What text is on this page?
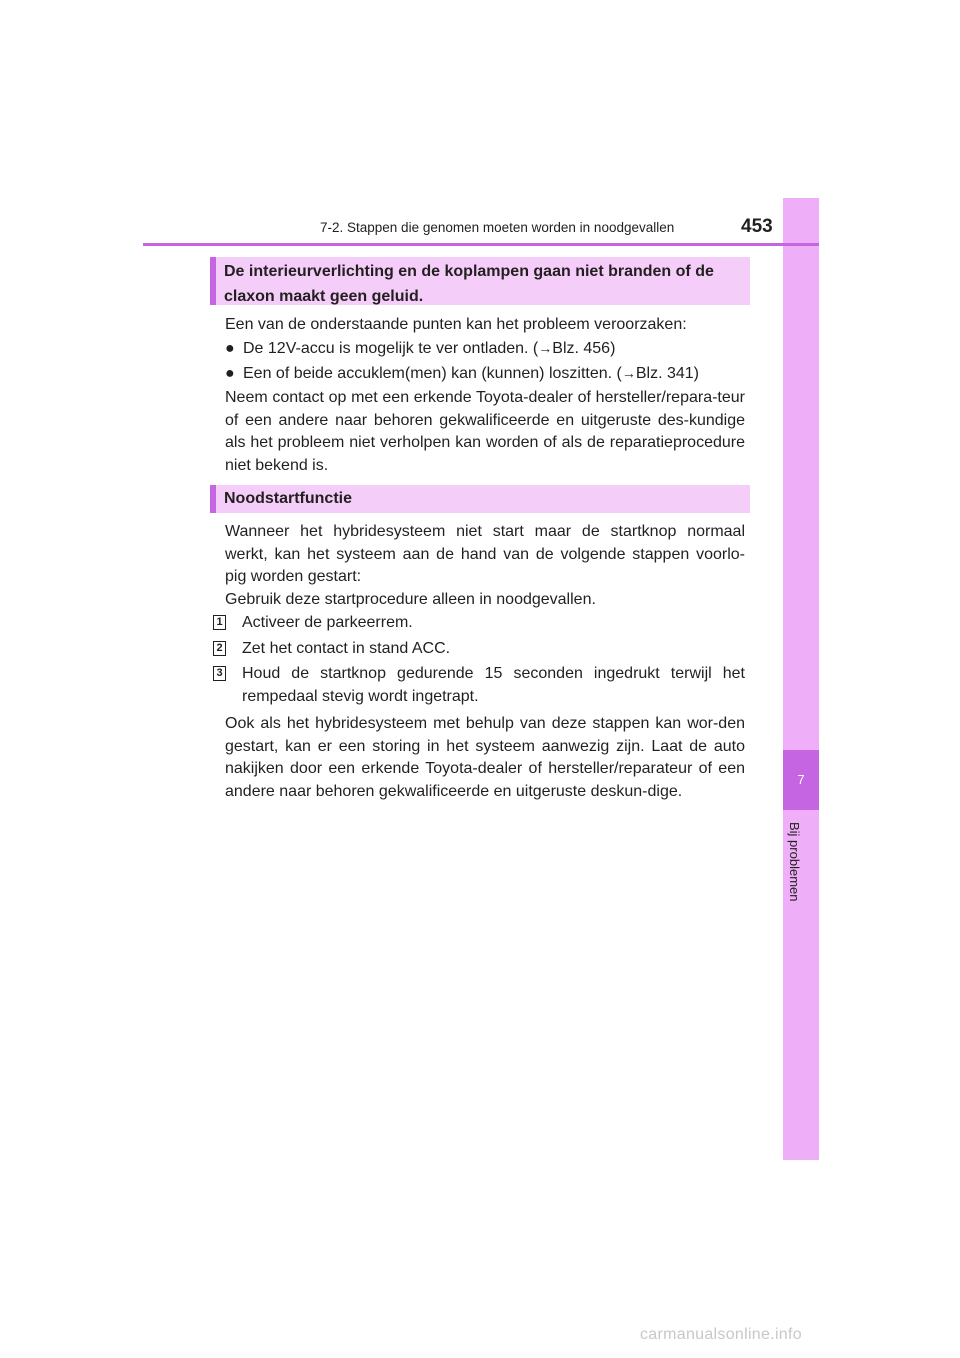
7
Bij problemen
7-2. Stappen die genomen moeten worden in noodgevallen	453
De interieurverlichting en de koplampen gaan niet branden of de
claxon maakt geen geluid.

Een van de onderstaande punten kan het probleem veroorzaken:

● De 12V-accu is mogelijk te ver ontladen. (→Blz. 456)
● Een of beide accuklem(men) kan (kunnen) loszitten. (→Blz. 341)

Neem contact op met een erkende Toyota-dealer of hersteller/repara-teur of een andere naar behoren gekwalificeerde en uitgeruste des-kundige als het probleem niet verholpen kan worden of als de reparatieprocedure niet bekend is.

Noodstartfunctie
Wanneer het hybridesysteem niet start maar de startknop normaal
werkt, kan het systeem aan de hand van de volgende stappen voorlo-
pig worden gestart:
Gebruik deze startprocedure alleen in noodgevallen.
1 Activeer de parkeerrem.
2 Zet het contact in stand ACC.
3 Houd de startknop gedurende 15 seconden ingedrukt terwijl het rempedaal stevig wordt ingetrapt.

Ook als het hybridesysteem met behulp van deze stappen kan wor-den gestart, kan er een storing in het systeem aanwezig zijn. Laat de auto nakijken door een erkende Toyota-dealer of hersteller/reparateur of een andere naar behoren gekwalificeerde en uitgeruste deskun-dige.

carmanualsonline.info
